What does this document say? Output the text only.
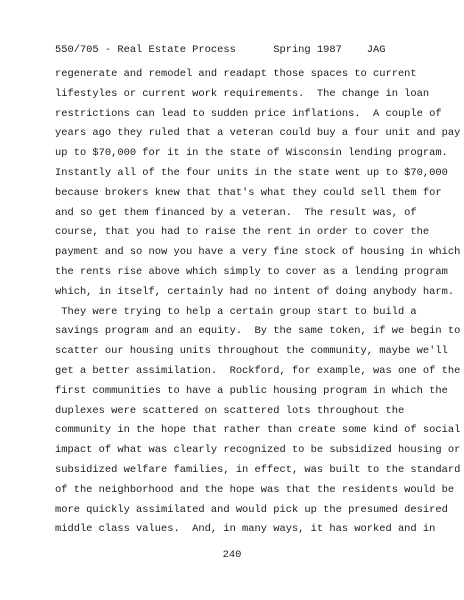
550/705 - Real Estate Process      Spring 1987    JAG
regenerate and remodel and readapt those spaces to current
lifestyles or current work requirements.  The change in loan
restrictions can lead to sudden price inflations.  A couple of
years ago they ruled that a veteran could buy a four unit and pay
up to $70,000 for it in the state of Wisconsin lending program.
Instantly all of the four units in the state went up to $70,000
because brokers knew that that's what they could sell them for
and so get them financed by a veteran.  The result was, of
course, that you had to raise the rent in order to cover the
payment and so now you have a very fine stock of housing in which
the rents rise above which simply to cover as a lending program
which, in itself, certainly had no intent of doing anybody harm.
They were trying to help a certain group start to build a
savings program and an equity.  By the same token, if we begin to
scatter our housing units throughout the community, maybe we'll
get a better assimilation.  Rockford, for example, was one of the
first communities to have a public housing program in which the
duplexes were scattered on scattered lots throughout the
community in the hope that rather than create some kind of social
impact of what was clearly recognized to be subsidized housing or
subsidized welfare families, in effect, was built to the standard
of the neighborhood and the hope was that the residents would be
more quickly assimilated and would pick up the presumed desired
middle class values.  And, in many ways, it has worked and in
240
